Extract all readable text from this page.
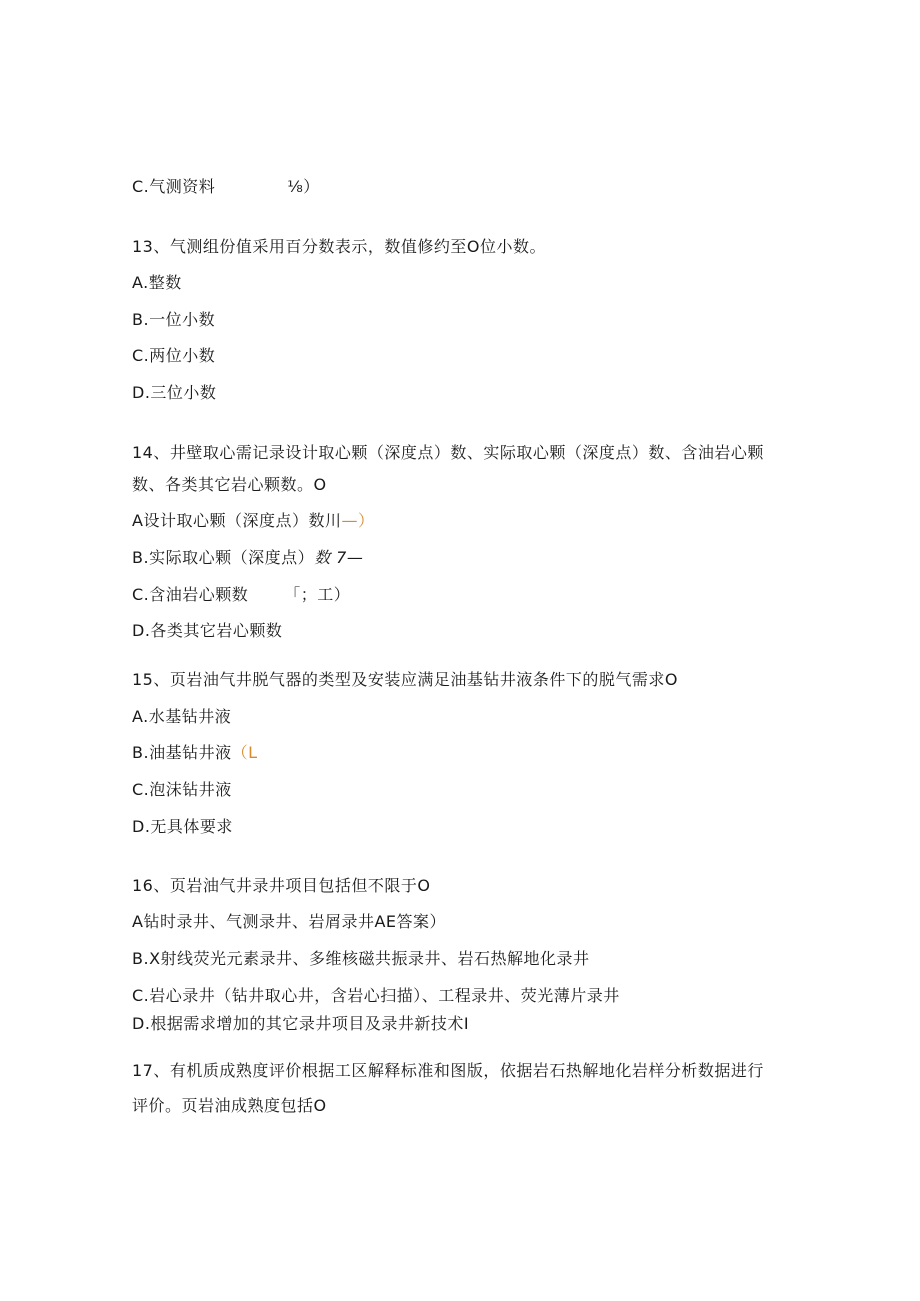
C.气测资料	⅛）
13、气测组份值采用百分数表示，数值修约至O位小数。
A.整数
B.一位小数
C.两位小数
D.三位小数
14、井壁取心需记录设计取心颗（深度点）数、实际取心颗（深度点）数、含油岩心颗
数、各类其它岩心颗数。O
A设计取心颗（深度点）数川—）
B.实际取心颗（深度点）数 7—
C.含油岩心颗数 「；工）
D.各类其它岩心颗数
15、页岩油气井脱气器的类型及安装应满足油基钻井液条件下的脱气需求O
A.水基钻井液
B.油基钻井液（L
C.泡沫钻井液
D.无具体要求
16、页岩油气井录井项目包括但不限于O
A钻时录井、气测录井、岩屑录井AE答案）
B.X射线荧光元素录井、多维核磁共振录井、岩石热解地化录井
C.岩心录井（钻井取心井，含岩心扫描）、工程录井、荧光薄片录井
D.根据需求增加的其它录井项目及录井新技术I
17、有机质成熟度评价根据工区解释标准和图版，依据岩石热解地化岩样分析数据进行
评价。页岩油成熟度包括O
